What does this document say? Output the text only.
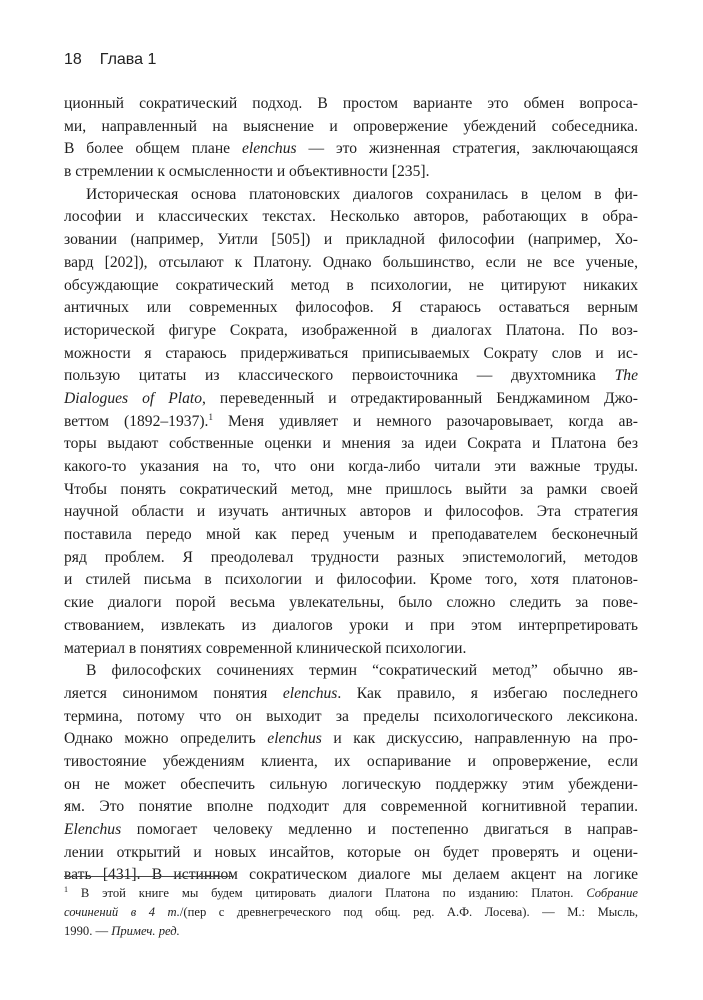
18 Глава 1
ционный сократический подход. В простом варианте это обмен вопроса-
ми, направленный на выяснение и опровержение убеждений собеседника.
В более общем плане elenchus — это жизненная стратегия, заключающаяся
в стремлении к осмысленности и объективности [235].
Историческая основа платоновских диалогов сохранилась в целом в фи-
лософии и классических текстах. Несколько авторов, работающих в обра-
зовании (например, Уитли [505]) и прикладной философии (например, Хо-
вард [202]), отсылают к Платону. Однако большинство, если не все ученые,
обсуждающие сократический метод в психологии, не цитируют никаких
античных или современных философов. Я стараюсь оставаться верным
исторической фигуре Сократа, изображенной в диалогах Платона. По воз-
можности я стараюсь придерживаться приписываемых Сократу слов и ис-
пользую цитаты из классического первоисточника — двухтомника The
Dialogues of Plato, переведенный и отредактированный Бенджамином Джо-
веттом (1892–1937).$^1$ Меня удивляет и немного разочаровывает, когда ав-
торы выдают собственные оценки и мнения за идеи Сократа и Платона без
какого-то указания на то, что они когда-либо читали эти важные труды.
Чтобы понять сократический метод, мне пришлось выйти за рамки своей
научной области и изучать античных авторов и философов. Эта стратегия
поставила передо мной как перед ученым и преподавателем бесконечный
ряд проблем. Я преодолевал трудности разных эпистемологий, методов
и стилей письма в психологии и философии. Кроме того, хотя платонов-
ские диалоги порой весьма увлекательны, было сложно следить за пове-
ствованием, извлекать из диалогов уроки и при этом интерпретировать
материал в понятиях современной клинической психологии.
В философских сочинениях термин “сократический метод” обычно яв-
ляется синонимом понятия elenchus. Как правило, я избегаю последнего
термина, потому что он выходит за пределы психологического лексикона.
Однако можно определить elenchus и как дискуссию, направленную на про-
тивостояние убеждениям клиента, их оспаривание и опровержение, если
он не может обеспечить сильную логическую поддержку этим убеждени-
ям. Это понятие вполне подходит для современной когнитивной терапии.
Elenchus помогает человеку медленно и постепенно двигаться в направ-
лении открытий и новых инсайтов, которые он будет проверять и оцени-
вать [431]. В истинном сократическом диалоге мы делаем акцент на логике
$^1$ В этой книге мы будем цитировать диалоги Платона по изданию: Платон. Собрание
сочинений в 4 т./(пер с древнегреческого под общ. ред. А.Ф. Лосева). — М.: Мысль,
1990. — Примеч. ред.
